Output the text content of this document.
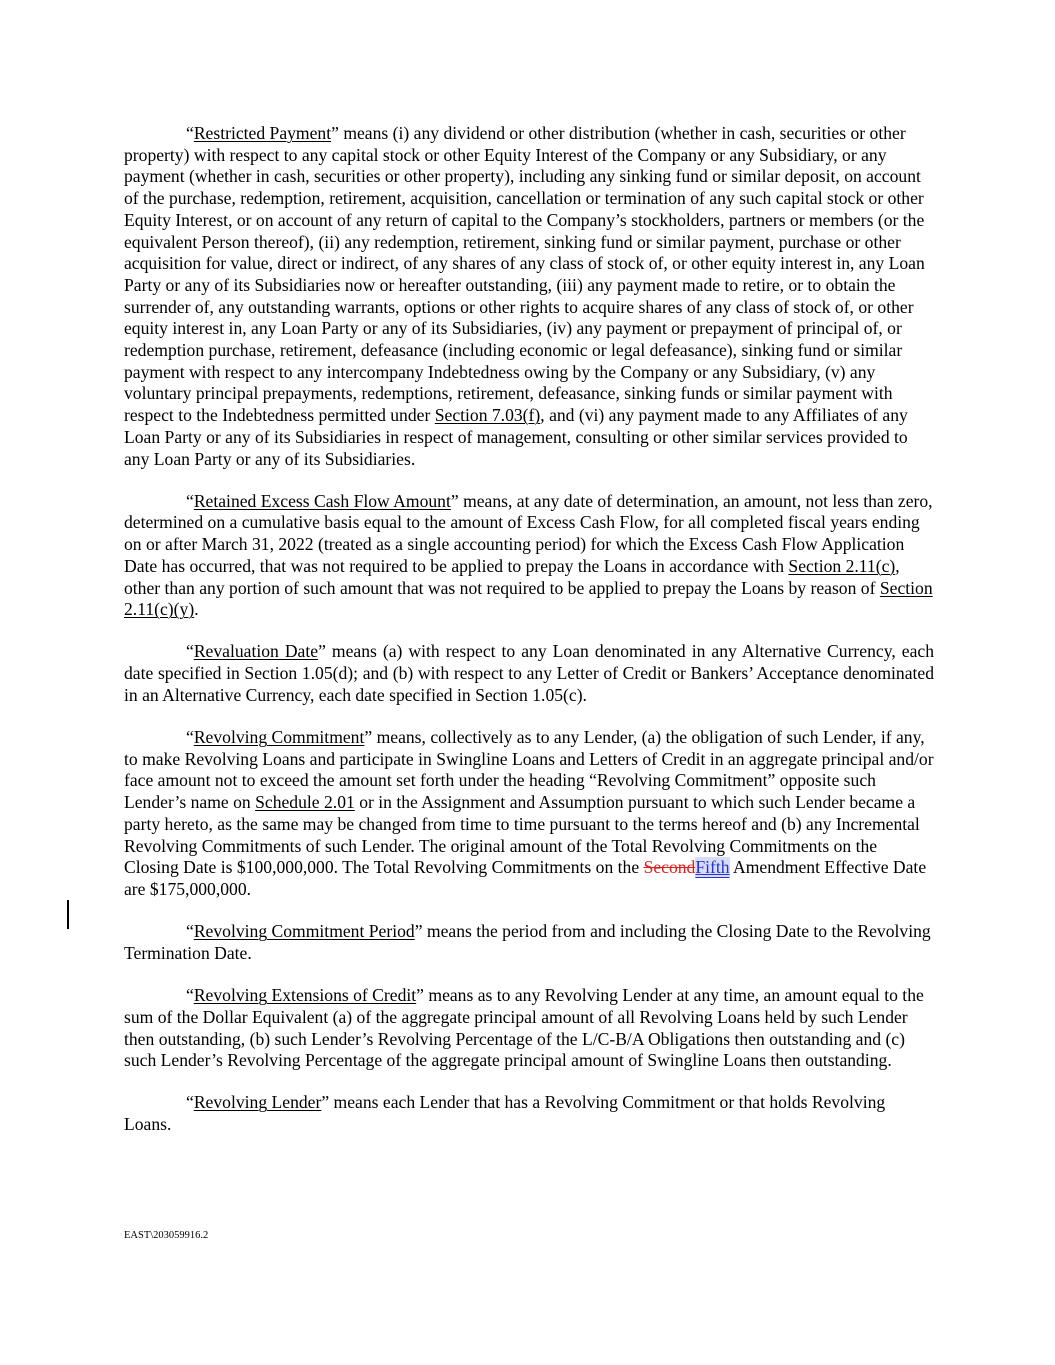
“Restricted Payment” means (i) any dividend or other distribution (whether in cash, securities or other property) with respect to any capital stock or other Equity Interest of the Company or any Subsidiary, or any payment (whether in cash, securities or other property), including any sinking fund or similar deposit, on account of the purchase, redemption, retirement, acquisition, cancellation or termination of any such capital stock or other Equity Interest, or on account of any return of capital to the Company’s stockholders, partners or members (or the equivalent Person thereof), (ii) any redemption, retirement, sinking fund or similar payment, purchase or other acquisition for value, direct or indirect, of any shares of any class of stock of, or other equity interest in, any Loan Party or any of its Subsidiaries now or hereafter outstanding, (iii) any payment made to retire, or to obtain the surrender of, any outstanding warrants, options or other rights to acquire shares of any class of stock of, or other equity interest in, any Loan Party or any of its Subsidiaries, (iv) any payment or prepayment of principal of, or redemption purchase, retirement, defeasance (including economic or legal defeasance), sinking fund or similar payment with respect to any intercompany Indebtedness owing by the Company or any Subsidiary, (v) any voluntary principal prepayments, redemptions, retirement, defeasance, sinking funds or similar payment with respect to the Indebtedness permitted under Section 7.03(f), and (vi) any payment made to any Affiliates of any Loan Party or any of its Subsidiaries in respect of management, consulting or other similar services provided to any Loan Party or any of its Subsidiaries.

“Retained Excess Cash Flow Amount” means, at any date of determination, an amount, not less than zero, determined on a cumulative basis equal to the amount of Excess Cash Flow, for all completed fiscal years ending on or after March 31, 2022 (treated as a single accounting period) for which the Excess Cash Flow Application Date has occurred, that was not required to be applied to prepay the Loans in accordance with Section 2.11(c), other than any portion of such amount that was not required to be applied to prepay the Loans by reason of Section 2.11(c)(y).

“Revaluation Date” means (a) with respect to any Loan denominated in any Alternative Currency, each date specified in Section 1.05(d); and (b) with respect to any Letter of Credit or Bankers’ Acceptance denominated in an Alternative Currency, each date specified in Section 1.05(c).

“Revolving Commitment” means, collectively as to any Lender, (a) the obligation of such Lender, if any, to make Revolving Loans and participate in Swingline Loans and Letters of Credit in an aggregate principal and/or face amount not to exceed the amount set forth under the heading “Revolving Commitment” opposite such Lender’s name on Schedule 2.01 or in the Assignment and Assumption pursuant to which such Lender became a party hereto, as the same may be changed from time to time pursuant to the terms hereof and (b) any Incremental Revolving Commitments of such Lender. The original amount of the Total Revolving Commitments on the Closing Date is $100,000,000. The Total Revolving Commitments on the SecondFifth Amendment Effective Date are $175,000,000.

“Revolving Commitment Period” means the period from and including the Closing Date to the Revolving Termination Date.

“Revolving Extensions of Credit” means as to any Revolving Lender at any time, an amount equal to the sum of the Dollar Equivalent (a) of the aggregate principal amount of all Revolving Loans held by such Lender then outstanding, (b) such Lender’s Revolving Percentage of the L/C-B/A Obligations then outstanding and (c) such Lender’s Revolving Percentage of the aggregate principal amount of Swingline Loans then outstanding.

“Revolving Lender” means each Lender that has a Revolving Commitment or that holds Revolving Loans.

EAST\203059916.2
